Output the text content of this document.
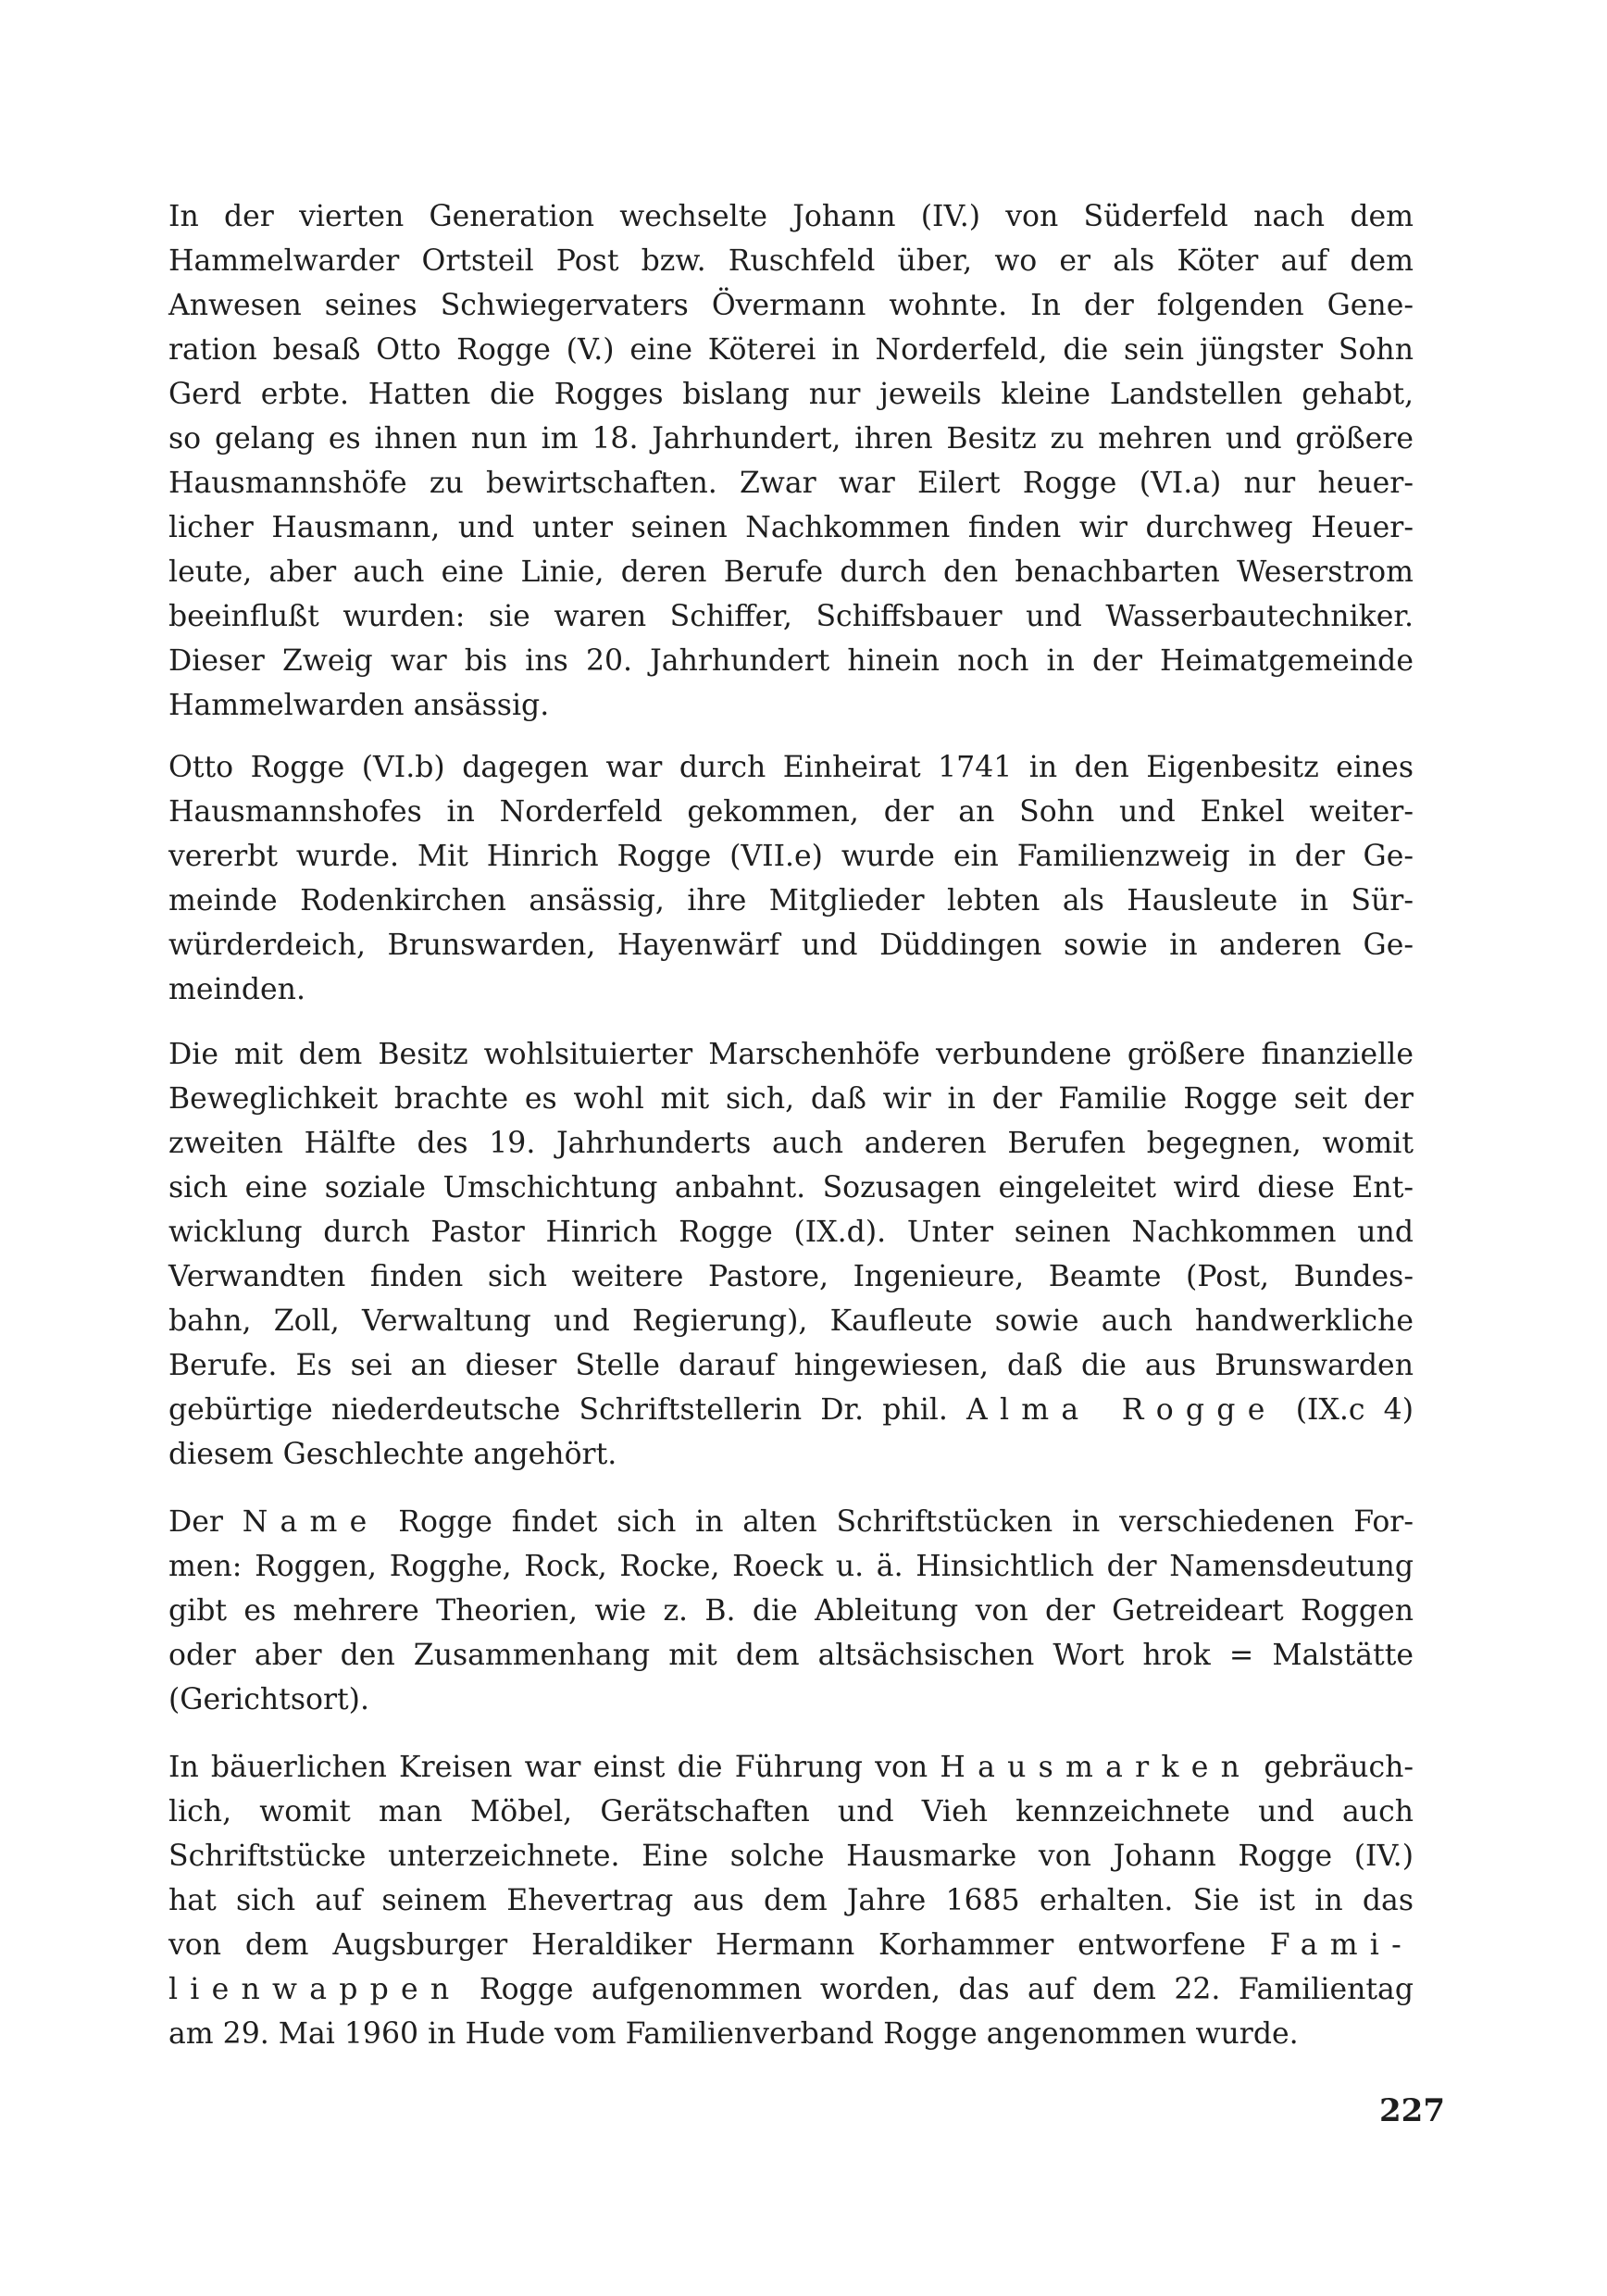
In der vierten Generation wechselte Johann (IV.) von Süderfeld nach dem
Hammelwarder Ortsteil Post bzw. Ruschfeld über, wo er als Köter auf dem
Anwesen seines Schwiegervaters Övermann wohnte. In der folgenden Gene-
ration besaß Otto Rogge (V.) eine Köterei in Norderfeld, die sein jüngster Sohn
Gerd erbte. Hatten die Rogges bislang nur jeweils kleine Landstellen gehabt,
so gelang es ihnen nun im 18. Jahrhundert, ihren Besitz zu mehren und größere
Hausmannshöfe zu bewirtschaften. Zwar war Eilert Rogge (VI.a) nur heuer-
licher Hausmann, und unter seinen Nachkommen finden wir durchweg Heuer-
leute, aber auch eine Linie, deren Berufe durch den benachbarten Weserstrom
beeinflußt wurden: sie waren Schiffer, Schiffsbauer und Wasserbautechniker.
Dieser Zweig war bis ins 20. Jahrhundert hinein noch in der Heimatgemeinde
Hammelwarden ansässig.

Otto Rogge (VI.b) dagegen war durch Einheirat 1741 in den Eigenbesitz eines
Hausmannshofes in Norderfeld gekommen, der an Sohn und Enkel weiter-
vererbt wurde. Mit Hinrich Rogge (VII.e) wurde ein Familienzweig in der Ge-
meinde Rodenkirchen ansässig, ihre Mitglieder lebten als Hausleute in Sür-
würderdeich, Brunswarden, Hayenwärf und Düddingen sowie in anderen Ge-
meinden.

Die mit dem Besitz wohlsituierter Marschenhöfe verbundene größere finanzielle
Beweglichkeit brachte es wohl mit sich, daß wir in der Familie Rogge seit der
zweiten Hälfte des 19. Jahrhunderts auch anderen Berufen begegnen, womit
sich eine soziale Umschichtung anbahnt. Sozusagen eingeleitet wird diese Ent-
wicklung durch Pastor Hinrich Rogge (IX.d). Unter seinen Nachkommen und
Verwandten finden sich weitere Pastore, Ingenieure, Beamte (Post, Bundes-
bahn, Zoll, Verwaltung und Regierung), Kaufleute sowie auch handwerkliche
Berufe. Es sei an dieser Stelle darauf hingewiesen, daß die aus Brunswarden
gebürtige niederdeutsche Schriftstellerin Dr. phil. Alma Rogge (IX.c 4)
diesem Geschlechte angehört.

Der Name Rogge findet sich in alten Schriftstücken in verschiedenen For-
men: Roggen, Rogghe, Rock, Rocke, Roeck u. ä. Hinsichtlich der Namensdeutung
gibt es mehrere Theorien, wie z. B. die Ableitung von der Getreideart Roggen
oder aber den Zusammenhang mit dem altsächsischen Wort hrok = Malstätte
(Gerichtsort).

In bäuerlichen Kreisen war einst die Führung von Hausmarken gebräuch-
lich, womit man Möbel, Gerätschaften und Vieh kennzeichnete und auch
Schriftstücke unterzeichnete. Eine solche Hausmarke von Johann Rogge (IV.)
hat sich auf seinem Ehevertrag aus dem Jahre 1685 erhalten. Sie ist in das
von dem Augsburger Heraldiker Hermann Korhammer entworfene Fami-
lienwappen Rogge aufgenommen worden, das auf dem 22. Familientag
am 29. Mai 1960 in Hude vom Familienverband Rogge angenommen wurde.

227
